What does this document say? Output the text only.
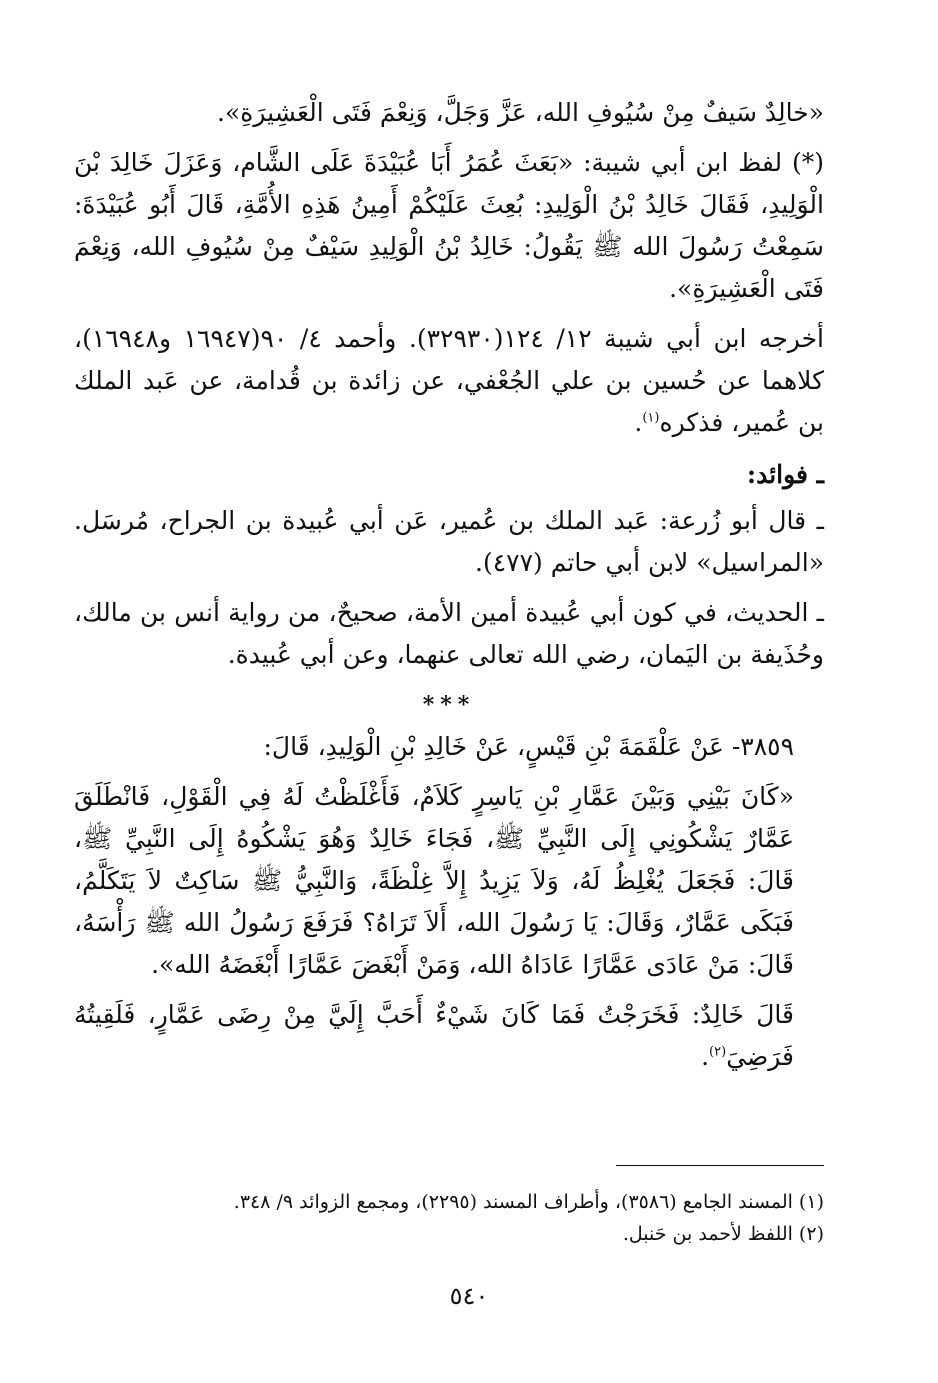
«خالِدٌ سَيفٌ مِنْ سُيُوفِ الله، عَزَّ وَجَلَّ، وَنِعْمَ فَتَى الْعَشِيرَةِ».

(*) لفظ ابن أبي شيبة: «بَعَثَ عُمَرُ أَبَا عُبَيْدَةَ عَلَى الشَّام، وَعَزَلَ خَالِدَ بْنَ الْوَلِيدِ، فَقَالَ خَالِدُ بْنُ الْوَلِيدِ: بُعِثَ عَلَيْكُمْ أَمِينُ هَذِهِ الأُمَّةِ، قَالَ أَبُو عُبَيْدَةَ: سَمِعْتُ رَسُولَ الله ﷺ يَقُولُ: خَالِدُ بْنُ الْوَلِيدِ سَيْفٌ مِنْ سُيُوفِ الله، وَنِعْمَ فَتَى الْعَشِيرَةِ».

أخرجه ابن أبي شيبة ١٢/ ١٢٤(٣٢٩٣٠). وأحمد ٤/ ٩٠(١٦٩٤٧ و١٦٩٤٨)، كلاهما عن حُسين بن علي الجُعْفي، عن زائدة بن قُدامة، عن عَبد الملك بن عُمير، فذكره$^{(١)}$.

ـ فوائد:

ـ قال أبو زُرعة: عَبد الملك بن عُمير، عَن أبي عُبيدة بن الجراح، مُرسَل. «المراسيل» لابن أبي حاتم (٤٧٧).

ـ الحديث، في كون أبي عُبيدة أمين الأمة، صحيحٌ، من رواية أنس بن مالك، وحُذَيفة بن اليَمان، رضي الله تعالى عنهما، وعن أبي عُبيدة.

***

٣٨٥٩- عَنْ عَلْقَمَةَ بْنِ قَيْسٍ، عَنْ خَالِدِ بْنِ الْوَلِيدِ، قَالَ:

«كَانَ بَيْنِي وَبَيْنَ عَمَّارِ بْنِ يَاسِرٍ كَلاَمٌ، فَأَغْلَظْتُ لَهُ فِي الْقَوْلِ، فَانْطَلَقَ عَمَّارٌ يَشْكُونِي إِلَى النَّبِيِّ ﷺ، فَجَاءَ خَالِدٌ وَهُوَ يَشْكُوهُ إِلَى النَّبِيِّ ﷺ، قَالَ: فَجَعَلَ يُغْلِظُ لَهُ، وَلاَ يَزِيدُ إِلاَّ غِلْظَةً، وَالنَّبِيُّ ﷺ سَاكِتٌ لاَ يَتَكَلَّمُ، فَبَكَى عَمَّارٌ، وَقَالَ: يَا رَسُولَ الله، أَلاَ تَرَاهُ؟ فَرَفَعَ رَسُولُ الله ﷺ رَأْسَهُ، قَالَ: مَنْ عَادَى عَمَّارًا عَادَاهُ الله، وَمَنْ أَبْغَضَ عَمَّارًا أَبْغَضَهُ الله».

قَالَ خَالِدٌ: فَخَرَجْتُ فَمَا كَانَ شَيْءٌ أَحَبَّ إِلَيَّ مِنْ رِضَى عَمَّارٍ، فَلَقِيتُهُ فَرَضِيَ$^{(٢)}$.

(١) المسند الجامع (٣٥٨٦)، وأطراف المسند (٢٢٩٥)، ومجمع الزوائد ٩/ ٣٤٨.

(٢) اللفظ لأحمد بن حَنبل.

٥٤٠
